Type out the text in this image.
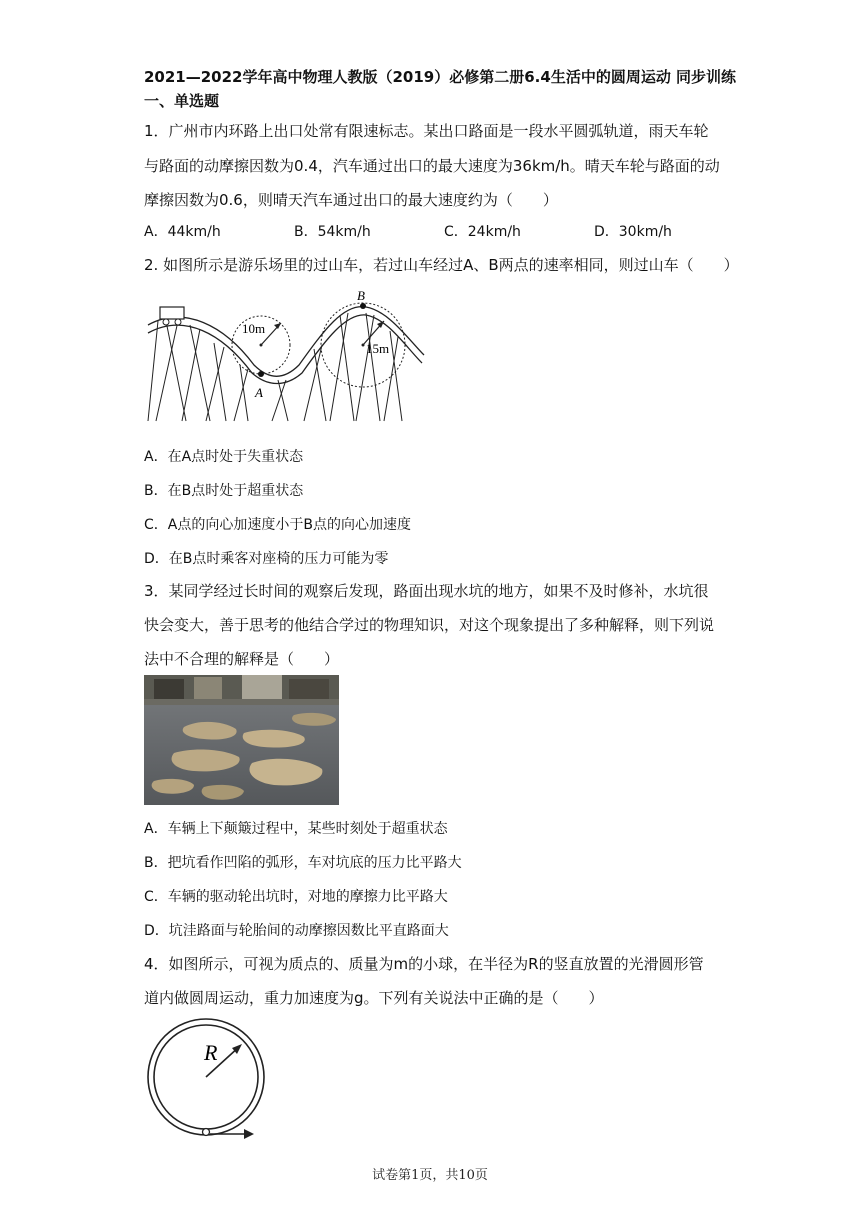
2021—2022学年高中物理人教版（2019）必修第二册6.4生活中的圆周运动 同步训练
一、单选题
1．广州市内环路上出口处常有限速标志。某出口路面是一段水平圆弧轨道，雨天车轮
与路面的动摩擦因数为0.4，汽车通过出口的最大速度为36km/h。晴天车轮与路面的动
摩擦因数为0.6，则晴天汽车通过出口的最大速度约为（　　）
A．44km/h	B．54km/h	C．24km/h	D．30km/h
2. 如图所示是游乐场里的过山车，若过山车经过A、B两点的速率相同，则过山车（　　）
10m
A
15m
B
A．在A点时处于失重状态
B．在B点时处于超重状态
C．A点的向心加速度小于B点的向心加速度
D．在B点时乘客对座椅的压力可能为零
3．某同学经过长时间的观察后发现，路面出现水坑的地方，如果不及时修补，水坑很
快会变大，善于思考的他结合学过的物理知识，对这个现象提出了多种解释，则下列说
法中不合理的解释是（　　）
A．车辆上下颠簸过程中，某些时刻处于超重状态
B．把坑看作凹陷的弧形，车对坑底的压力比平路大
C．车辆的驱动轮出坑时，对地的摩擦力比平路大
D．坑洼路面与轮胎间的动摩擦因数比平直路面大
4．如图所示，可视为质点的、质量为m的小球，在半径为R的竖直放置的光滑圆形管
道内做圆周运动，重力加速度为g。下列有关说法中正确的是（　　）
R
试卷第1页，共10页
